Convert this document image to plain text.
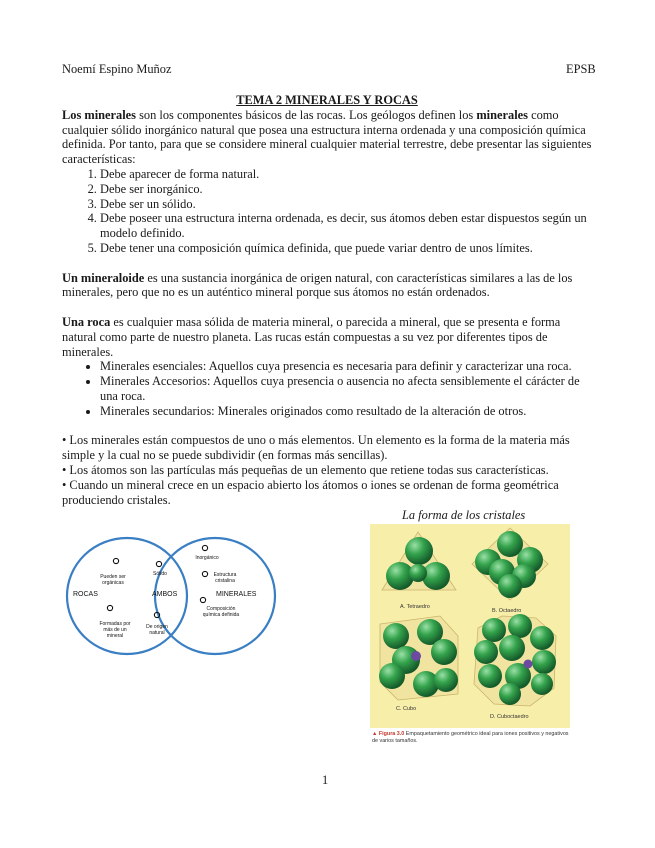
Noemí Espino Muñoz	EPSB

TEMA 2 MINERALES Y ROCAS

Los minerales son los componentes básicos de las rocas. Los geólogos definen los minerales como cualquier sólido inorgánico natural que posea una estructura interna ordenada y una composición química definida. Por tanto, para que se considere mineral cualquier material terrestre, debe presentar las siguientes características:

1. Debe aparecer de forma natural.
2. Debe ser inorgánico.
3. Debe ser un sólido.
4. Debe poseer una estructura interna ordenada, es decir, sus átomos deben estar dispuestos según un modelo definido.
5. Debe tener una composición química definida, que puede variar dentro de unos límites.

Un mineraloide es una sustancia inorgánica de origen natural, con características similares a las de los minerales, pero que no es un auténtico mineral porque sus átomos no están ordenados.

Una roca es cualquier masa sólida de materia mineral, o parecida a mineral, que se presenta e forma natural como parte de nuestro planeta. Las rucas están compuestas a su vez por diferentes tipos de minerales.

• Minerales esenciales: Aquellos cuya presencia es necesaria para definir y caracterizar una roca.
• Minerales Accesorios: Aquellos cuya presencia o ausencia no afecta sensiblemente el cárácter de una roca.
• Minerales secundarios: Minerales originados como resultado de la alteración de otros.

• Los minerales están compuestos de uno o más elementos. Un elemento es la forma de la materia más simple y la cual no se puede subdividir (en formas más sencillas).

• Los átomos son las partículas más pequeñas de un elemento que retiene todas sus características.

• Cuando un mineral crece en un espacio abierto los átomos o iones se ordenan de forma geométrica produciendo cristales.

ROCAS	AMBOS	MINERALES
Pueden ser orgánicas
Formadas por más de un mineral
Sólido
De origen natural
Inorgánico
Estructura cristalina
Composición química definida
La forma de los cristales
A. Tetraedro
B. Octaedro
C. Cubo
D. Cuboctaedro
▲ Figura 3.0 Empaquetamiento geométrico ideal para iones positivos y negativos de varios tamaños.
1
